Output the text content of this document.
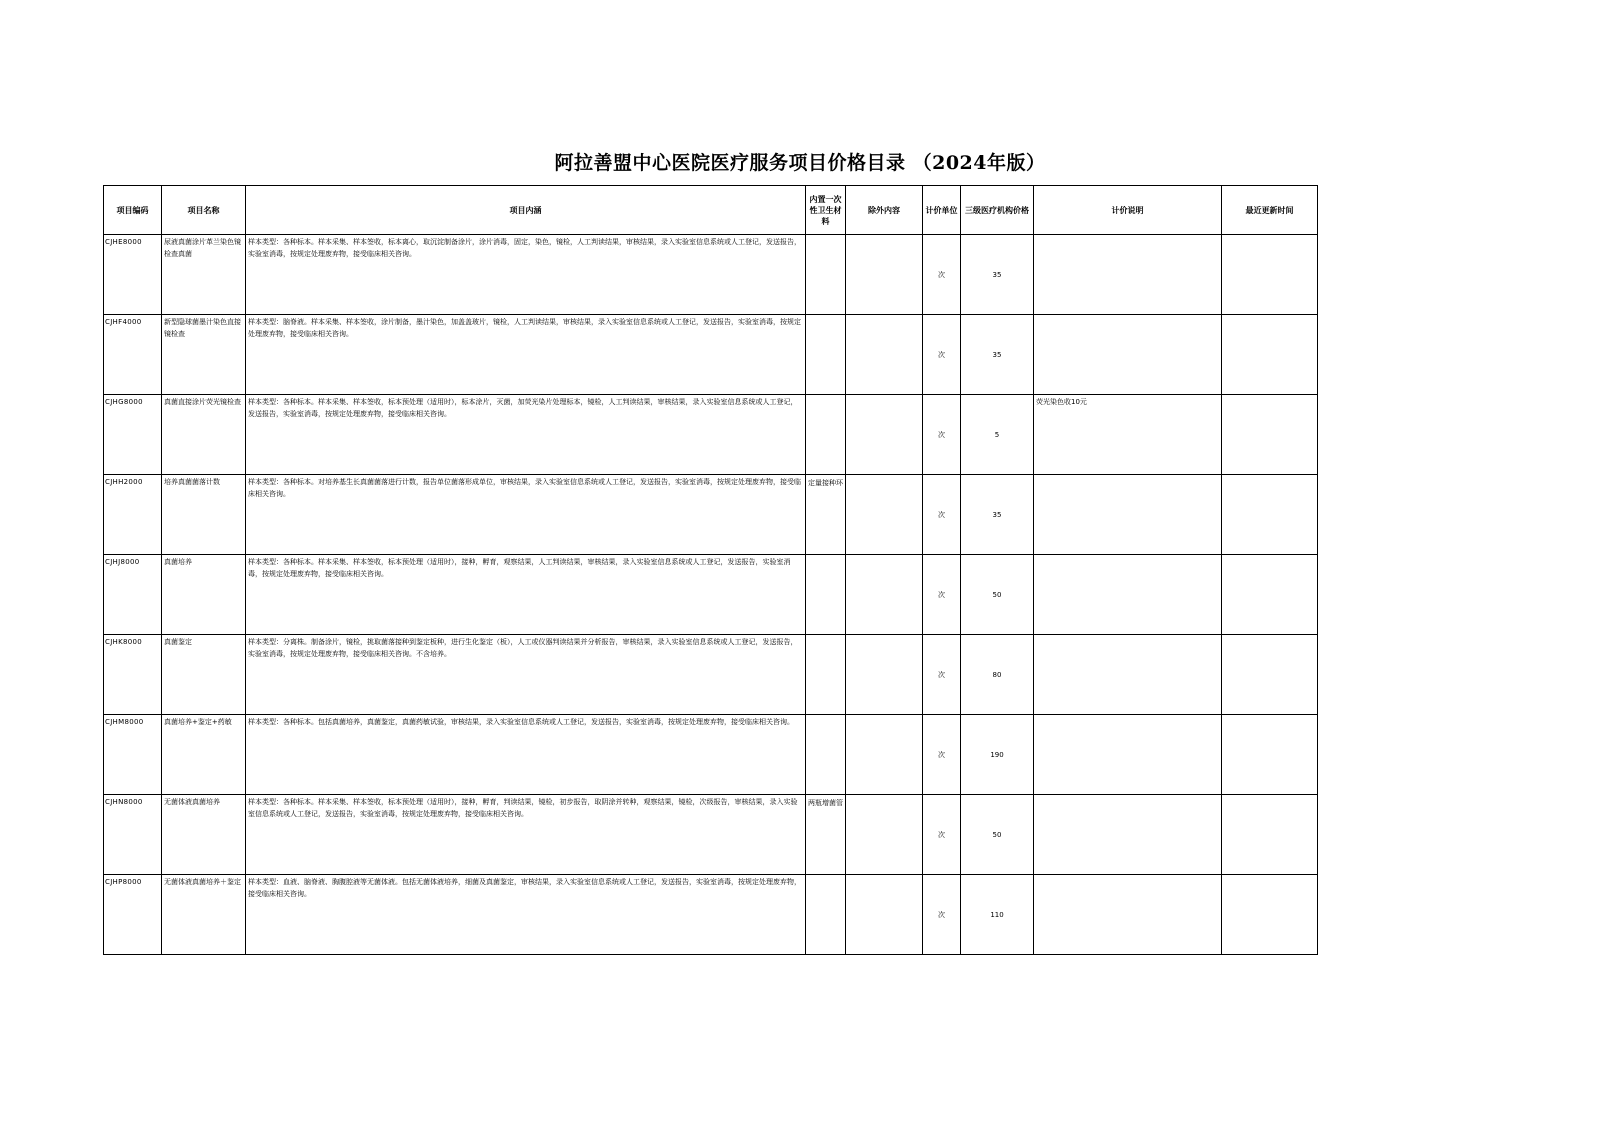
阿拉善盟中心医院医疗服务项目价格目录 （2024年版）
项目编码	项目名称	项目内涵	内置一次性卫生材料	除外内容	计价单位	三级医疗机构价格	计价说明	最近更新时间
CJHE8000	尿液真菌涂片革兰染色镜检查真菌	样本类型：各种标本。样本采集、样本签收，标本离心，取沉淀制备涂片，涂片消毒，固定，染色，镜检，人工判读结果，审核结果，录入实验室信息系统或人工登记，发送报告，实验室消毒，按规定处理废弃物，接受临床相关咨询。			次	35		
CJHF4000	新型隐球菌墨汁染色直接镜检查	样本类型：脑脊液。样本采集、样本签收，涂片制备，墨汁染色，加盖盖玻片，镜检，人工判读结果，审核结果，录入实验室信息系统或人工登记，发送报告，实验室消毒，按规定处理废弃物，接受临床相关咨询。			次	35		
CJHG8000	真菌直接涂片荧光镜检查	样本类型：各种标本。样本采集、样本签收，标本预处理（适用时），标本涂片，灭菌，加荧光染片处理标本，镜检，人工判读结果，审核结果，录入实验室信息系统或人工登记，发送报告，实验室消毒，按规定处理废弃物，接受临床相关咨询。			次	5	荧光染色收10元	
CJHH2000	培养真菌菌落计数	样本类型：各种标本。对培养基生长真菌菌落进行计数，报告单位菌落形成单位，审核结果，录入实验室信息系统或人工登记，发送报告，实验室消毒，按规定处理废弃物，接受临床相关咨询。	定量接种环		次	35		
CJHJ8000	真菌培养	样本类型：各种标本。样本采集、样本签收，标本预处理（适用时），接种，孵育，观察结果，人工判读结果，审核结果，录入实验室信息系统或人工登记，发送报告，实验室消毒，按规定处理废弃物，接受临床相关咨询。			次	50		
CJHK8000	真菌鉴定	样本类型：分离株。制备涂片，镜检，挑取菌落接种到鉴定板种，进行生化鉴定（板），人工或仪器判读结果并分析报告，审核结果，录入实验室信息系统或人工登记，发送报告，实验室消毒，按规定处理废弃物，接受临床相关咨询。不含培养。			次	80		
CJHM8000	真菌培养+鉴定+药敏	样本类型：各种标本。包括真菌培养，真菌鉴定，真菌药敏试验，审核结果，录入实验室信息系统或人工登记，发送报告，实验室消毒，按规定处理废弃物，接受临床相关咨询。			次	190		
CJHN8000	无菌体液真菌培养	样本类型：各种标本。样本采集、样本签收，标本预处理（适用时），接种，孵育，判读结果，镜检，初步报告，取阴涂并转种，观察结果，镜检，次级报告，审核结果，录入实验室信息系统或人工登记，发送报告，实验室消毒，按规定处理废弃物，接受临床相关咨询。	两瓶增菌管		次	50		
CJHP8000	无菌体液真菌培养＋鉴定	样本类型：血液、脑脊液、胸腹腔液等无菌体液。包括无菌体液培养，细菌及真菌鉴定，审核结果，录入实验室信息系统或人工登记，发送报告，实验室消毒，按规定处理废弃物，接受临床相关咨询。			次	110		
